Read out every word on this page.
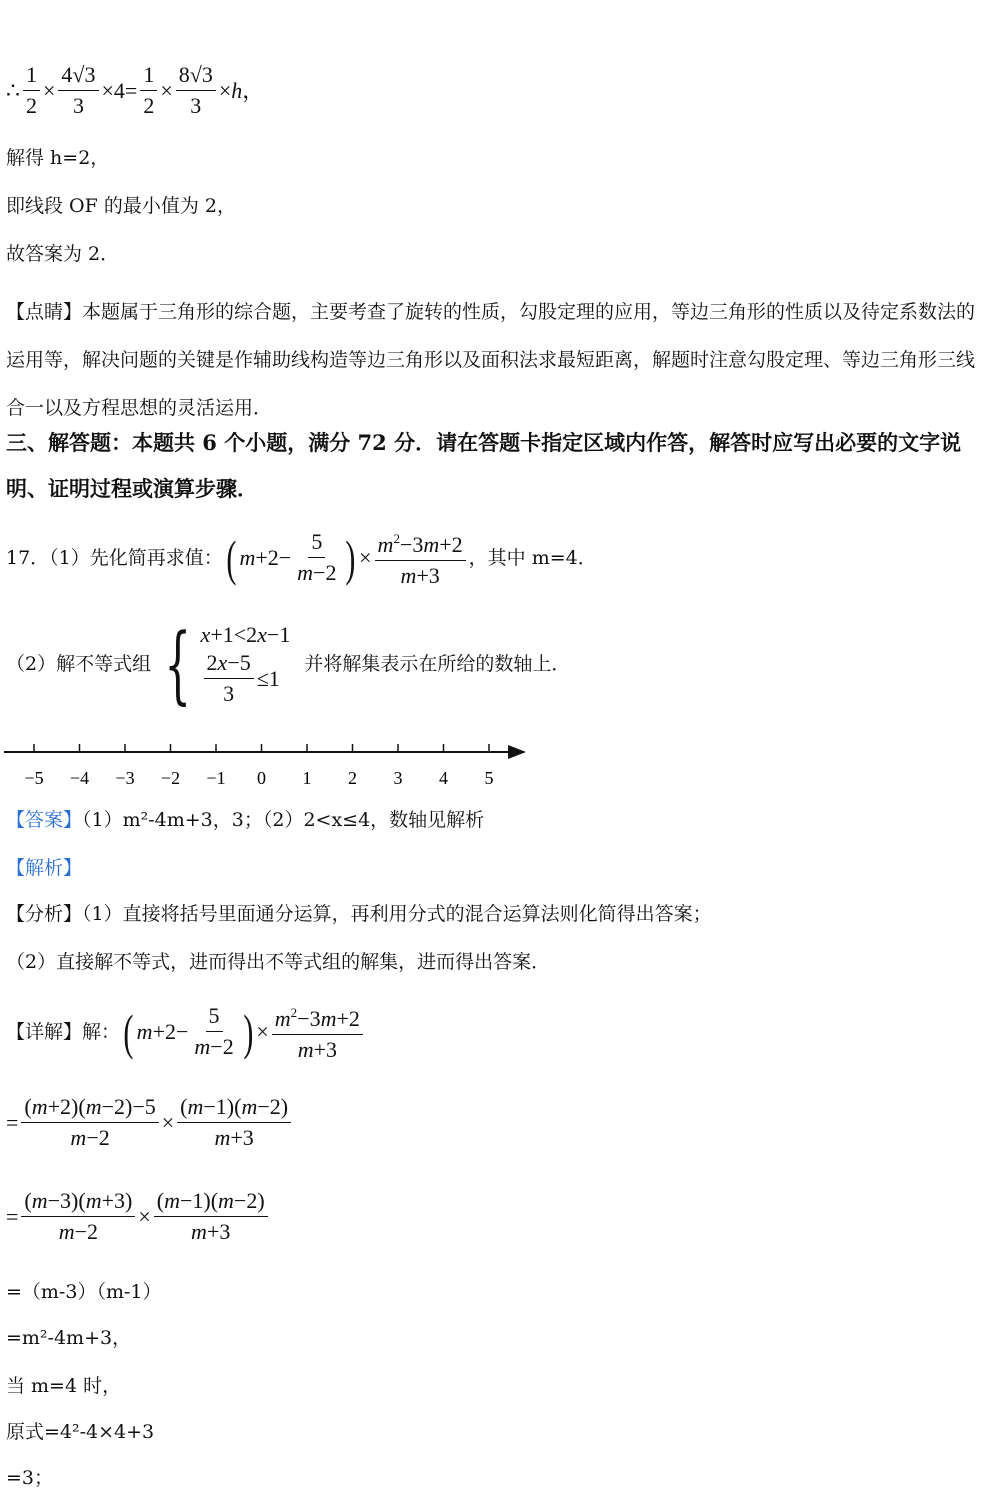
∴ $\frac{1}{2} \times \frac{4√3}{3} \times 4= \frac{1}{2} \times \frac{8√3}{3} \times h$ ，
解得 h=2，
即线段 OF 的最小值为 2，
故答案为 2．
【点睛】本题属于三角形的综合题，主要考查了旋转的性质，勾股定理的应用，等边三角形的性质以及待定系数法的运用等，解决问题的关键是作辅助线构造等边三角形以及面积法求最短距离，解题时注意勾股定理、等边三角形三线合一以及方程思想的灵活运用．
三、解答题：本题共 6 个小题，满分 72 分．请在答题卡指定区域内作答，解答时应写出必要的文字说明、证明过程或演算步骤．
17．（1）先化简再求值： ( $m +2- \frac{5}{m-2}$ ) × $\frac{m^2-3m+2}{m+3}$ ，其中 m=4．
（2）解不等式组 { x+1<2x−1
$\frac{2x-5}{3} \le 1$
并将解集表示在所给的数轴上．
−5 −4 −3 −2 −1 0 1 2 3 4 5
【答案】（1）m²-4m+3，3；（2）2<x≤4，数轴见解析
【解析】
【分析】（1）直接将括号里面通分运算，再利用分式的混合运算法则化简得出答案；
（2）直接解不等式，进而得出不等式组的解集，进而得出答案．
【详解】解： ( $m +2- \frac{5}{m-2}$ ) × $\frac{m^2-3m+2}{m+3}$
= $\frac{(m+2)(m-2)-5}{m-2} \times \frac{(m-1)(m-2)}{m+3}$
= $\frac{(m-3)(m+3)}{m-2} \times \frac{(m-1)(m-2)}{m+3}$
=（m-3）（m-1）
=m²-4m+3，
当 m=4 时，
原式=4²-4×4+3
=3；
